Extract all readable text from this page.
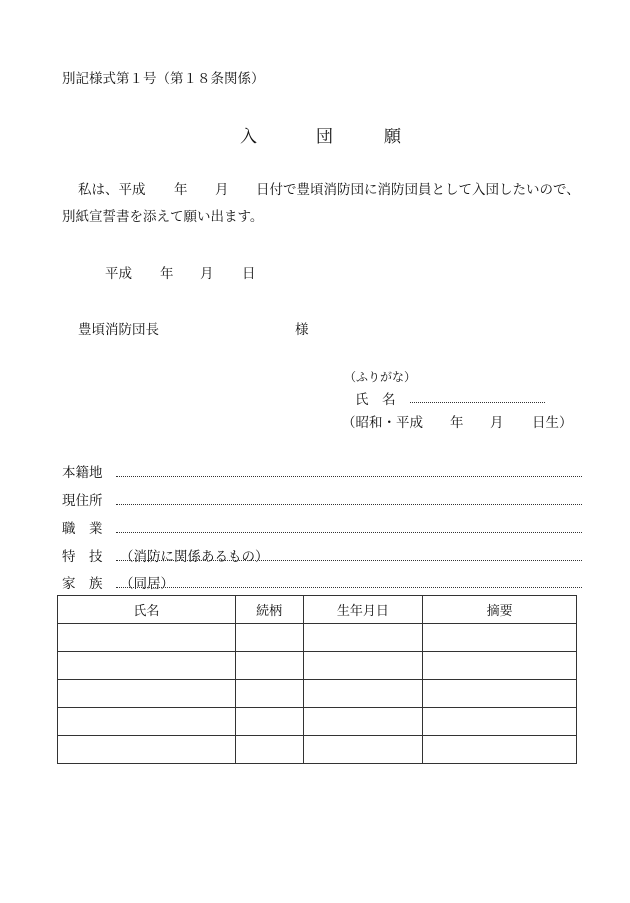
別記様式第１号（第１８条関係）
入	団	願
私は、平成 年 月 日付で豊頃消防団に消防団員として入団したいので、
別紙宣誓書を添えて願い出ます。
平成 年 月 日
豊頃消防団長	様
（ふりがな）
氏　名
（昭和・平成 年 月 日生）
本籍地
現住所
職　業
特　技 （消防に関係あるもの）
家　族 （同居）
氏名	続柄	生年月日	摘要
